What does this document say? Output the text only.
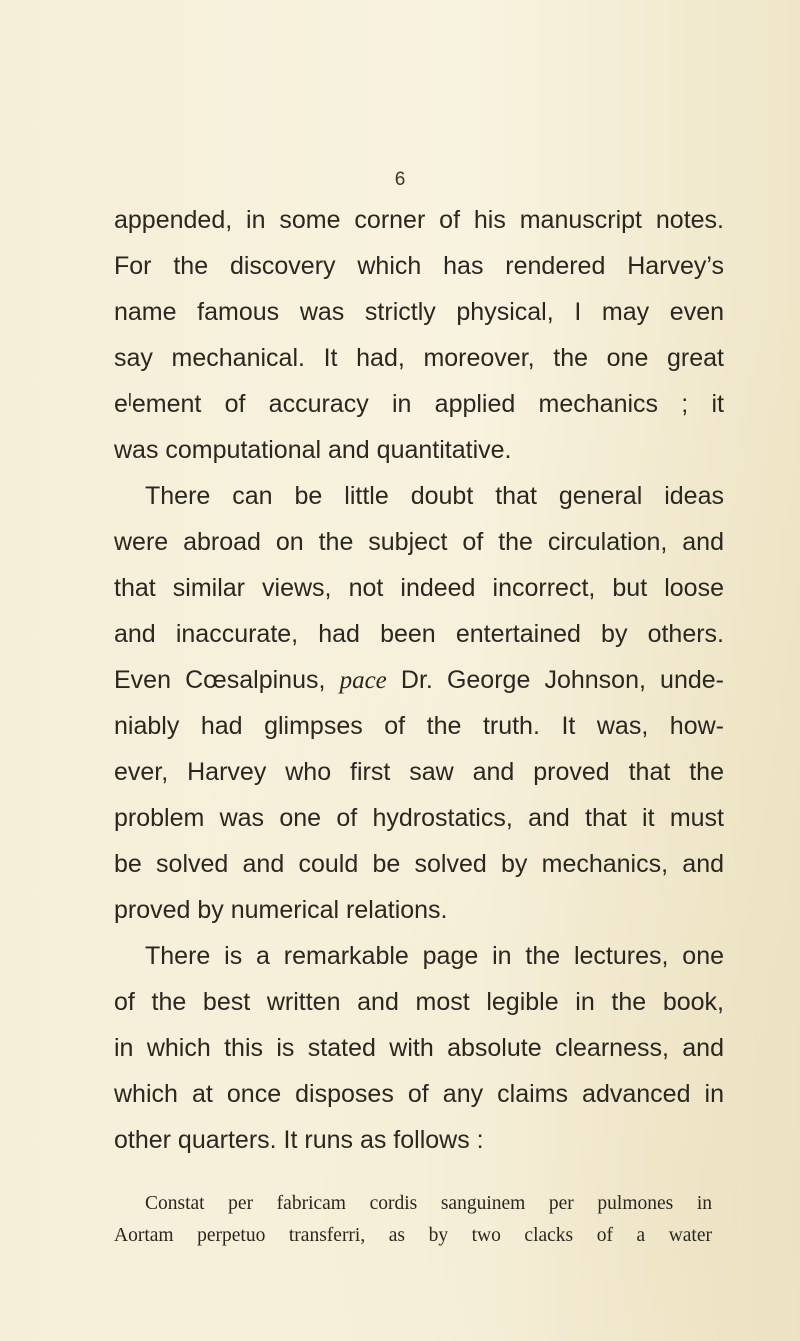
6
appended, in some corner of his manuscript notes.
For the discovery which has rendered Harvey’s
name famous was strictly physical, I may even
say mechanical. It had, moreover, the one great
eˡement of accuracy in applied mechanics ; it
was computational and quantitative.
There can be little doubt that general ideas
were abroad on the subject of the circulation, and
that similar views, not indeed incorrect, but loose
and inaccurate, had been entertained by others.
Even Cœsalpinus, pace Dr. George Johnson, unde-
niably had glimpses of the truth. It was, how-
ever, Harvey who first saw and proved that the
problem was one of hydrostatics, and that it must
be solved and could be solved by mechanics, and
proved by numerical relations.
There is a remarkable page in the lectures, one
of the best written and most legible in the book,
in which this is stated with absolute clearness, and
which at once disposes of any claims advanced in
other quarters. It runs as follows :
Constat per fabricam cordis sanguinem per pulmones in
Aortam perpetuo transferri, as by two clacks of a water
